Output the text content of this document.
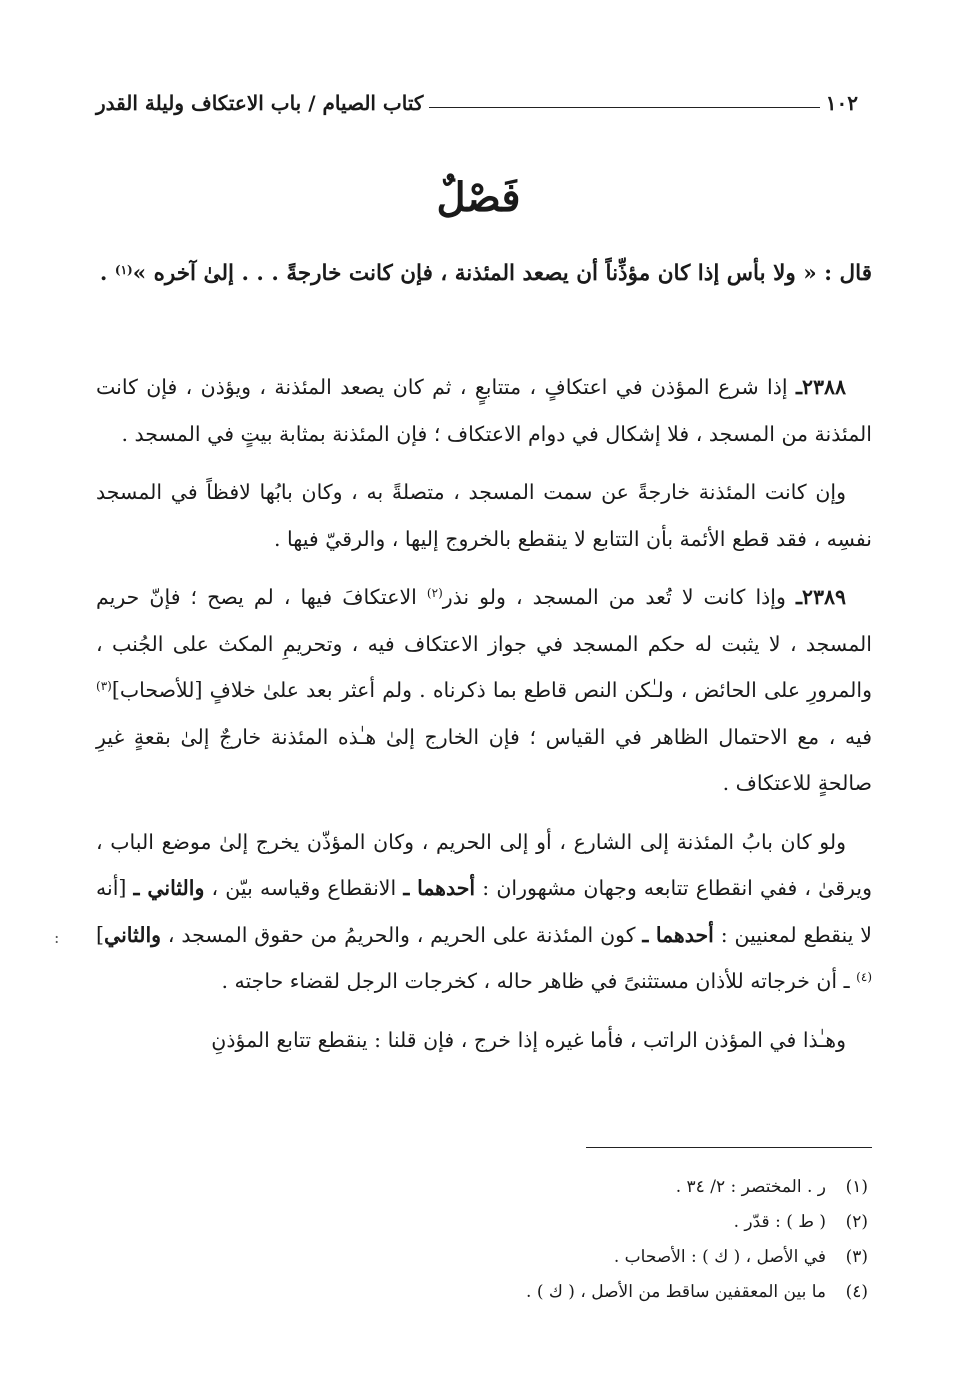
١٠٢
كتاب الصيام / باب الاعتكاف وليلة القدر
فَصْلٌ

قال : « ولا بأس إذا كان مؤذِّناً أن يصعد المئذنة ، فإن كانت خارجةً . . . إلىٰ آخره »$^{(١)}$ .

٢٣٨٨ـ إذا شرع المؤذن في اعتكافٍ ، متتابعٍ ، ثم كان يصعد المئذنة ، ويؤذن ، فإن كانت المئذنة من المسجد ، فلا إشكال في دوام الاعتكاف ؛ فإن المئذنة بمثابة بيتٍ في المسجد .

وإن كانت المئذنة خارجةً عن سمت المسجد ، متصلةً به ، وكان بابُها لافظاً في المسجد نفسِه ، فقد قطع الأئمة بأن التتابع لا ينقطع بالخروج إليها ، والرقيّ فيها .

٢٣٨٩ـ وإذا كانت لا تُعد من المسجد ، ولو نذر$^{(٢)}$ الاعتكافَ فيها ، لم يصح ؛ فإنّ حريم المسجد ، لا يثبت له حكم المسجد في جواز الاعتكاف فيه ، وتحريمِ المكث على الجُنب ، والمرورِ على الحائض ، ولـٰكن النص قاطع بما ذكرناه . ولم أعثر بعد علىٰ خلافٍ [للأصحاب]$^{(٣)}$ فيه ، مع الاحتمال الظاهر في القياس ؛ فإن الخارج إلىٰ هـٰذه المئذنة خارجٌ إلىٰ بقعةٍ غيرِ صالحةٍ للاعتكاف .

ولو كان بابُ المئذنة إلى الشارع ، أو إلى الحريم ، وكان المؤذّن يخرج إلىٰ موضع الباب ، ويرقىٰ ، ففي انقطاع تتابعه وجهان مشهوران : أحدهما ـ الانقطاع وقياسه بيّن ، والثاني ـ [أنه لا ينقطع لمعنيين : أحدهما ـ كون المئذنة على الحريم ، والحريمُ من حقوق المسجد ، والثاني]$^{(٤)}$ ـ أن خرجاته للأذان مستثنىً في ظاهر حاله ، كخرجات الرجل لقضاء حاجته .

وهـٰذا في المؤذن الراتب ، فأما غيره إذا خرج ، فإن قلنا : ينقطع تتابع المؤذنِ

(١)
ر . المختصر : ٢/ ٣٤ .
(٢)
( ط ) : قدّر .
(٣)
في الأصل ، ( ك ) : الأصحاب .
(٤)
ما بين المعقفين ساقط من الأصل ، ( ك ) .
:
